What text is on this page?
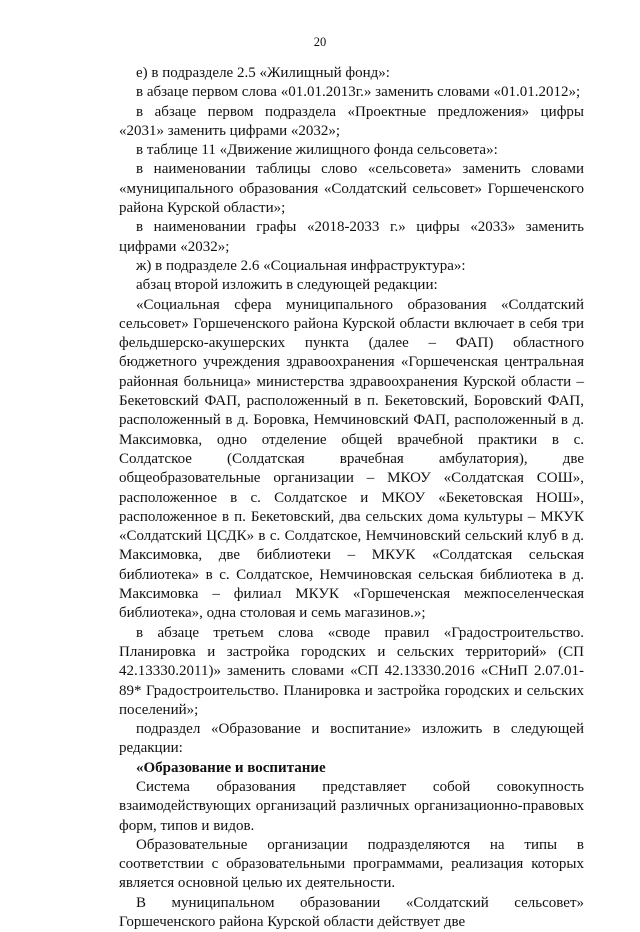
20

е) в подразделе 2.5 «Жилищный фонд»:

в абзаце первом слова «01.01.2013г.» заменить словами «01.01.2012»;

в абзаце первом подраздела «Проектные предложения» цифры «2031» заменить цифрами «2032»;

в таблице 11 «Движение жилищного фонда сельсовета»:

в наименовании таблицы слово «сельсовета» заменить словами «муниципального образования «Солдатский сельсовет» Горшеченского района Курской области»;

в наименовании графы «2018-2033 г.» цифры «2033» заменить цифрами «2032»;

ж) в подразделе 2.6 «Социальная инфраструктура»:

абзац второй изложить в следующей редакции:

«Социальная сфера муниципального образования «Солдатский сельсовет» Горшеченского района Курской области включает в себя три фельдшерско-акушерских пункта (далее – ФАП) областного бюджетного учреждения здравоохранения «Горшеченская центральная районная больница» министерства здравоохранения Курской области – Бекетовский ФАП, расположенный в п. Бекетовский, Боровский ФАП, расположенный в д. Боровка, Немчиновский ФАП, расположенный в д. Максимовка, одно отделение общей врачебной практики в с. Солдатское (Солдатская врачебная амбулатория), две общеобразовательные организации – МКОУ «Солдатская СОШ», расположенное в с. Солдатское и МКОУ «Бекетовская НОШ», расположенное в п. Бекетовский, два сельских дома культуры – МКУК «Солдатский ЦСДК» в с. Солдатское, Немчиновский сельский клуб в д. Максимовка, две библиотеки – МКУК «Солдатская сельская библиотека» в с. Солдатское, Немчиновская сельская библиотека в д. Максимовка – филиал МКУК «Горшеченская межпоселенческая библиотека», одна столовая и семь магазинов.»;

в абзаце третьем слова «своде правил «Градостроительство. Планировка и застройка городских и сельских территорий» (СП 42.13330.2011)» заменить словами «СП 42.13330.2016 «СНиП 2.07.01-89* Градостроительство. Планировка и застройка городских и сельских поселений»;

подраздел «Образование и воспитание» изложить в следующей редакции:

«Образование и воспитание

Система образования представляет собой совокупность взаимодействующих организаций различных организационно-правовых форм, типов и видов.

Образовательные организации подразделяются на типы в соответствии с образовательными программами, реализация которых является основной целью их деятельности.

В муниципальном образовании «Солдатский сельсовет» Горшеченского района Курской области действует две
